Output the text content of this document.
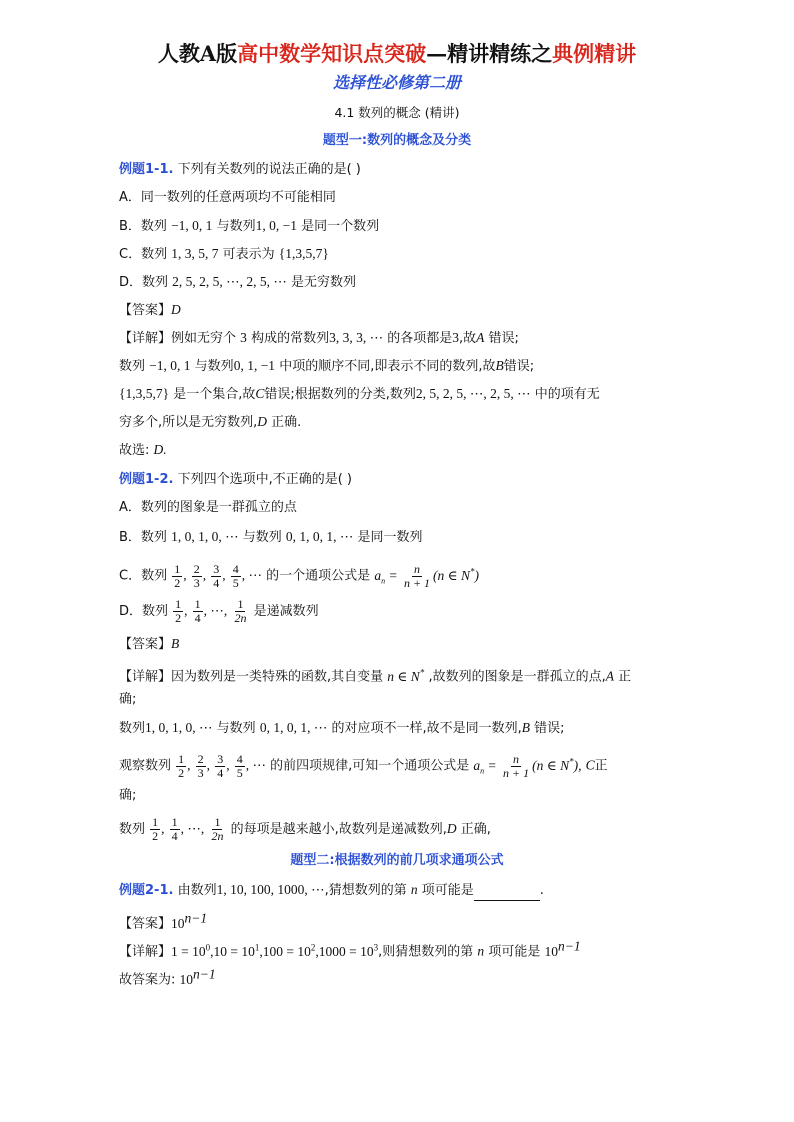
人教A版高中数学知识点突破—精讲精练之典例精讲
选择性必修第二册
4.1 数列的概念 (精讲)
题型一:数列的概念及分类
例题1-1. 下列有关数列的说法正确的是( )
A．同一数列的任意两项均不可能相同
B．数列 −1, 0, 1 与数列1, 0, −1 是同一个数列
C．数列 1, 3, 5, 7 可表示为 {1,3,5,7}
D．数列 2, 5, 2, 5, ⋯, 2, 5, ⋯ 是无穷数列
【答案】D
【详解】例如无穷个 3 构成的常数列3, 3, 3, ⋯ 的各项都是3,故A 错误;
数列 −1, 0, 1 与数列0, 1, −1 中项的顺序不同,即表示不同的数列,故B错误;
{1,3,5,7} 是一个集合,故C错误;根据数列的分类,数列2, 5, 2, 5, ⋯, 2, 5, ⋯ 中的项有无
穷多个,所以是无穷数列,D 正确.
故选: D.
例题1-2. 下列四个选项中,不正确的是( )
A．数列的图象是一群孤立的点
B．数列 1, 0, 1, 0, ⋯ 与数列 0, 1, 0, 1, ⋯ 是同一数列
C．数列 $\frac{1}{2}$ , $\frac{2}{3}$ , $\frac{3}{4}$ , $\frac{4}{5}$ , ⋯ 的一个通项公式是 $a_n = \frac{n}{n + 1} (n$ ∈ N*)
D．数列 $\frac{1}{2}$ , $\frac{1}{4}$ , ⋯, $\frac{1}{2n}$ 是递减数列
【答案】B
【详解】因为数列是一类特殊的函数,其自变量 n ∈ N* ,故数列的图象是一群孤立的点,A 正
确;
数列1, 0, 1, 0, ⋯ 与数列 0, 1, 0, 1, ⋯ 的对应项不一样,故不是同一数列,B 错误;
观察数列 $\frac{1}{2}$ , $\frac{2}{3}$ , $\frac{3}{4}$ , $\frac{4}{5}$ , ⋯ 的前四项规律,可知一个通项公式是 $a_n = \frac{n}{n + 1} (n$ ∈ N*), C正
确;
数列 $\frac{1}{2}$ , $\frac{1}{4}$ , ⋯, $\frac{1}{2n}$ 的每项是越来越小,故数列是递减数列,D 正确,
题型二:根据数列的前几项求通项公式
例题2-1. 由数列1, 10, 100, 1000, ⋯,猜想数列的第 n 项可能是	.
【答案】$10^{n-1}$
【详解】$1 = 10^0,10 = 10^1,100 = 10^2,1000 = 10^3$,则猜想数列的第 n 项可能是 $10^{n-1}$
故答案为: $10^{n-1}$
